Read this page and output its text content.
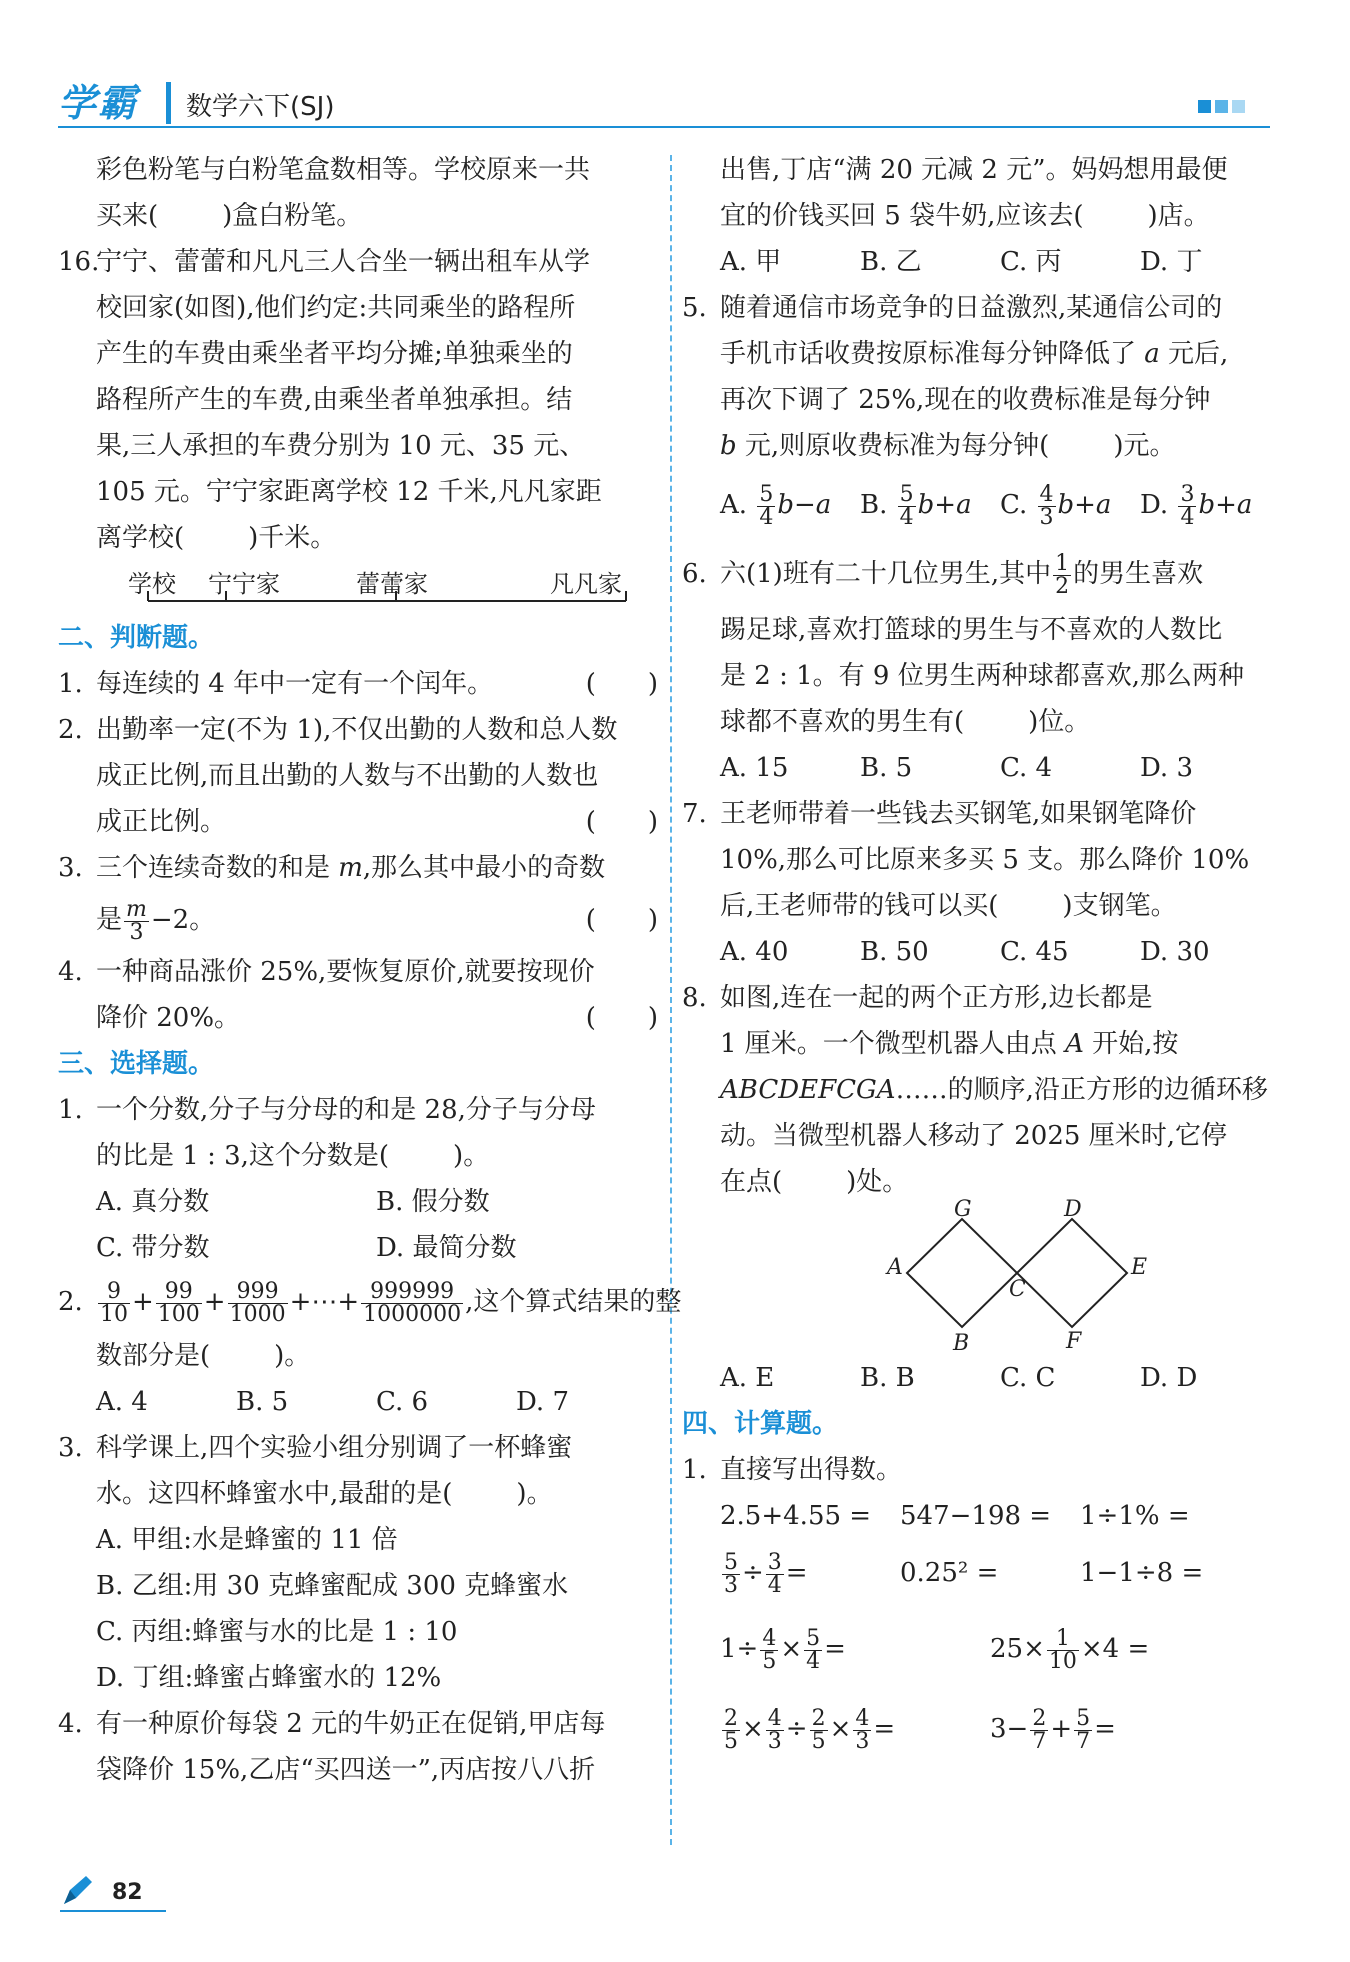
学霸 数学六下(SJ)
彩色粉笔与白粉笔盒数相等。学校原来一共
买来( )盒白粉笔。
16.
宁宁、蕾蕾和凡凡三人合坐一辆出租车从学
校回家(如图),他们约定:共同乘坐的路程所
产生的车费由乘坐者平均分摊;单独乘坐的
路程所产生的车费,由乘坐者单独承担。结
果,三人承担的车费分别为 10 元、35 元、
105 元。宁宁家距离学校 12 千米,凡凡家距
离学校( )千米。
学校 宁宁家	蕾蕾家	凡凡家
二、判断题。
1. 每连续的 4 年中一定有一个闰年。	(　　)
2. 出勤率一定(不为 1),不仅出勤的人数和总人数
成正比例,而且出勤的人数与不出勤的人数也
成正比例。	(　　)
3. 三个连续奇数的和是 m,那么其中最小的奇数
是 $\frac{m}{3} -2$。	(　　)
4. 一种商品涨价 25%,要恢复原价,就要按现价
降价 20%。	(　　)
三、选择题。
1. 一个分数,分子与分母的和是 28,分子与分母
的比是 1 : 3,这个分数是( )。
A. 真分数	B. 假分数
C. 带分数	D. 最简分数
2. $\frac{9}{10} + \frac{99}{100} + \frac{999}{1000}$ +⋯+ $\frac{999999}{1000000}$ ,这个算式结果的整
数部分是( )。
A. 4	B. 5	C. 6	D. 7
3. 科学课上,四个实验小组分别调了一杯蜂蜜
水。这四杯蜂蜜水中,最甜的是( )。
A. 甲组:水是蜂蜜的 11 倍
B. 乙组:用 30 克蜂蜜配成 300 克蜂蜜水
C. 丙组:蜂蜜与水的比是 1 : 10
D. 丁组:蜂蜜占蜂蜜水的 12%
4. 有一种原价每袋 2 元的牛奶正在促销,甲店每
袋降价 15%,乙店“买四送一”,丙店按八八折
出售,丁店“满 20 元减 2 元”。妈妈想用最便
宜的价钱买回 5 袋牛奶,应该去( )店。
A. 甲	B. 乙	C. 丙	D. 丁
5. 随着通信市场竞争的日益激烈,某通信公司的
手机市话收费按原标准每分钟降低了 a 元后,
再次下调了 25%,现在的收费标准是每分钟
b 元,则原收费标准为每分钟( )元。
A. $\frac{5}{4} b-a$ B. $\frac{5}{4} b+a$ C. $\frac{4}{3} b+a$ D. $\frac{3}{4} b+a$
6. 六(1)班有二十几位男生,其中 $\frac{1}{2}$ 的男生喜欢
踢足球,喜欢打篮球的男生与不喜欢的人数比
是 2 : 1。有 9 位男生两种球都喜欢,那么两种
球都不喜欢的男生有( )位。
A. 15	B. 5	C. 4	D. 3
7. 王老师带着一些钱去买钢笔,如果钢笔降价
10%,那么可比原来多买 5 支。那么降价 10%
后,王老师带的钱可以买( )支钢笔。
A. 40	B. 50	C. 45	D. 30
8. 如图,连在一起的两个正方形,边长都是
1 厘米。一个微型机器人由点 A 开始,按
ABCDEFCGA……的顺序,沿正方形的边循环移
动。当微型机器人移动了 2025 厘米时,它停
在点( )处。
A
B
C
D
E
F
G
A. E	B. B	C. C	D. D
四、计算题。
1. 直接写出得数。
2.5+4.55 = 547−198 = 1÷1% =
$\frac{5}{3} \div \frac{3}{4}$ =	0.25² =	1−1÷8 =
$1\div \frac{4}{5} \times \frac{5}{4}$ =	$25\times \frac{1}{10} \times 4$ =
$\frac{2}{5} \times \frac{4}{3} \div \frac{2}{5} \times \frac{4}{3}$ =	$3- \frac{2}{7} + \frac{5}{7}$ =
82
